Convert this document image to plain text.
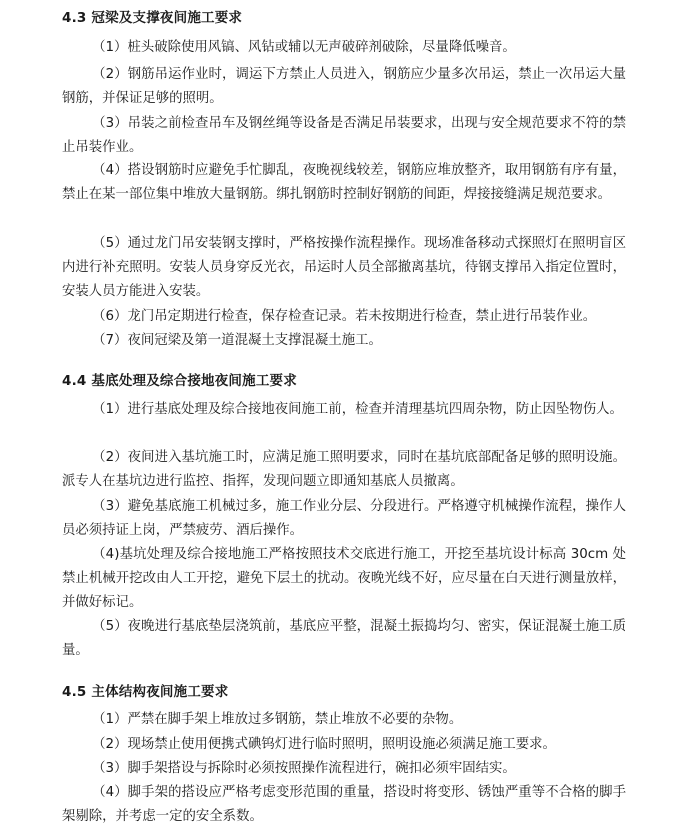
4.3 冠梁及支撑夜间施工要求

（1）桩头破除使用风镐、风钻或辅以无声破碎剂破除，尽量降低噪音。

（2）钢筋吊运作业时，调运下方禁止人员进入，钢筋应少量多次吊运，禁止一次吊运大量钢筋，并保证足够的照明。

（3）吊装之前检查吊车及钢丝绳等设备是否满足吊装要求，出现与安全规范要求不符的禁止吊装作业。

（4）搭设钢筋时应避免手忙脚乱，夜晚视线较差，钢筋应堆放整齐，取用钢筋有序有量，禁止在某一部位集中堆放大量钢筋。绑扎钢筋时控制好钢筋的间距，焊接接缝满足规范要求。

（5）通过龙门吊安装钢支撑时，严格按操作流程操作。现场准备移动式探照灯在照明盲区内进行补充照明。安装人员身穿反光衣，吊运时人员全部撤离基坑，待钢支撑吊入指定位置时，安装人员方能进入安装。

（6）龙门吊定期进行检查，保存检查记录。若未按期进行检查，禁止进行吊装作业。

（7）夜间冠梁及第一道混凝土支撑混凝土施工。

4.4 基底处理及综合接地夜间施工要求

（1）进行基底处理及综合接地夜间施工前，检查并清理基坑四周杂物，防止因坠物伤人。

（2）夜间进入基坑施工时，应满足施工照明要求，同时在基坑底部配备足够的照明设施。派专人在基坑边进行监控、指挥，发现问题立即通知基底人员撤离。

（3）避免基底施工机械过多，施工作业分层、分段进行。严格遵守机械操作流程，操作人员必须持证上岗，严禁疲劳、酒后操作。

（4)基坑处理及综合接地施工严格按照技术交底进行施工，开挖至基坑设计标高 30cm 处禁止机械开挖改由人工开挖，避免下层土的扰动。夜晚光线不好，应尽量在白天进行测量放样，并做好标记。

（5）夜晚进行基底垫层浇筑前，基底应平整，混凝土振捣均匀、密实，保证混凝土施工质量。

4.5 主体结构夜间施工要求

（1）严禁在脚手架上堆放过多钢筋，禁止堆放不必要的杂物。

（2）现场禁止使用便携式碘钨灯进行临时照明，照明设施必须满足施工要求。

（3）脚手架搭设与拆除时必须按照操作流程进行，碗扣必须牢固结实。

（4）脚手架的搭设应严格考虑变形范围的重量，搭设时将变形、锈蚀严重等不合格的脚手架剔除，并考虑一定的安全系数。
